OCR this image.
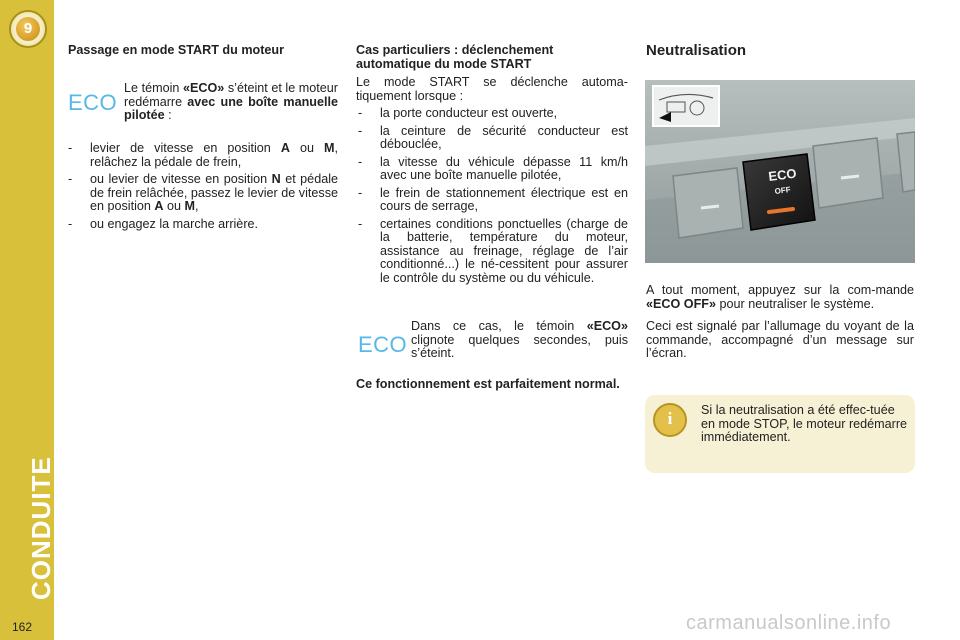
9
CONDUITE
162

Passage en mode START du moteur

ECO

Le témoin «ECO» s’éteint et le moteur redémarre avec une boîte manuelle pilotée :

- levier de vitesse en position A ou M, relâchez la pédale de frein,
- ou levier de vitesse en position N et pédale de frein relâchée, passez le levier de vitesse en position A ou M,
- ou engagez la marche arrière.

Cas particuliers : déclenchement automatique du mode START

Le mode START se déclenche automa-tiquement lorsque :

- la porte conducteur est ouverte,
- la ceinture de sécurité conducteur est débouclée,
- la vitesse du véhicule dépasse 11 km/h avec une boîte manuelle pilotée,
- le frein de stationnement électrique est en cours de serrage,
- certaines conditions ponctuelles (charge de la batterie, température du moteur, assistance au freinage, réglage de l’air conditionné...) le né-cessitent pour assurer le contrôle du système ou du véhicule.
ECO

Dans ce cas, le témoin «ECO» clignote quelques secondes, puis s’éteint.

Ce fonctionnement est parfaitement normal.

Neutralisation

ECO
OFF

A tout moment, appuyez sur la com-mande «ECO OFF» pour neutraliser le système.

Ceci est signalé par l’allumage du voyant de la commande, accompagné d’un message sur l’écran.

i	Si la neutralisation a été effec-tuée en mode STOP, le moteur redémarre immédiatement.

carmanualsonline.info
